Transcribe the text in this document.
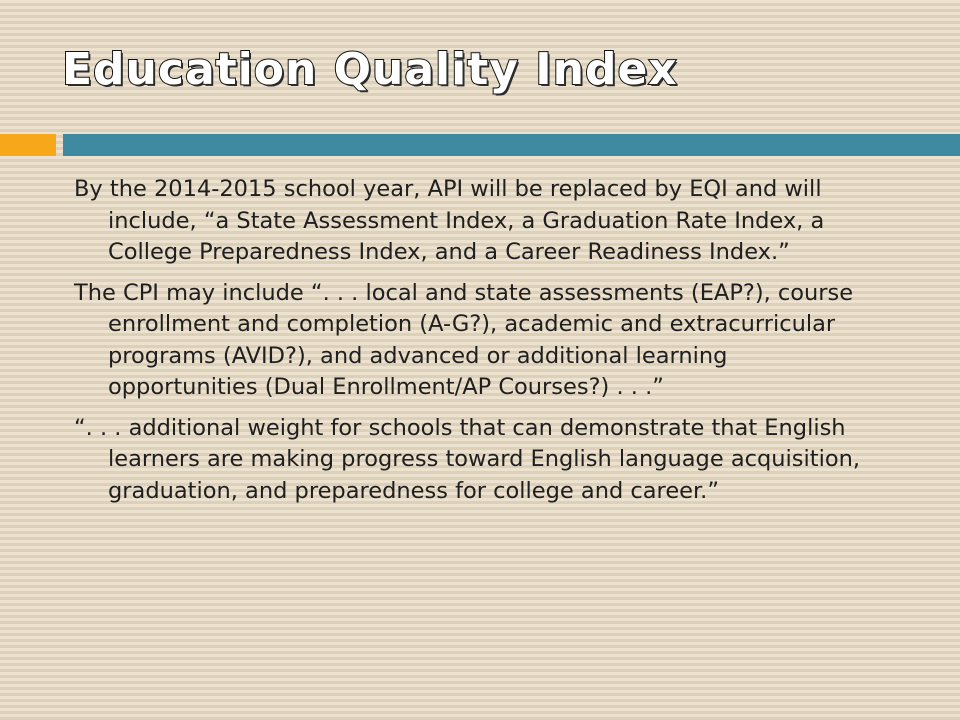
Education Quality Index
By the 2014-2015 school year, API will be replaced by EQI and will include, “a State Assessment Index, a Graduation Rate Index, a College Preparedness Index, and a Career Readiness Index.”
The CPI may include “. . . local and state assessments (EAP?), course enrollment and completion (A-G?), academic and extracurricular programs (AVID?), and advanced or additional learning opportunities (Dual Enrollment/AP Courses?) . . .”
“. . . additional weight for schools that can demonstrate that English learners are making progress toward English language acquisition, graduation, and preparedness for college and career.”
